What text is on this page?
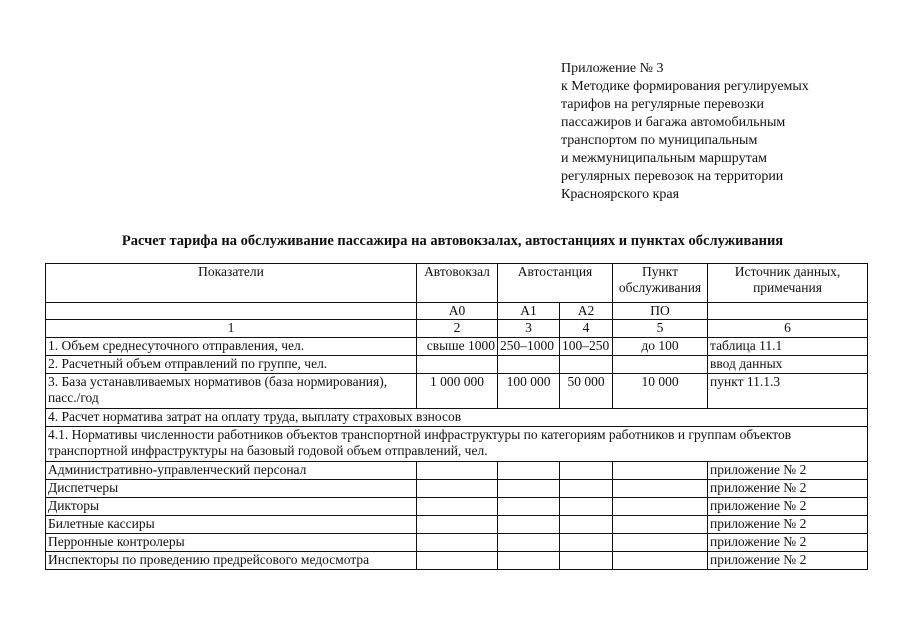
Приложение № 3
к Методике формирования регулируемых
тарифов на регулярные перевозки
пассажиров и багажа автомобильным
транспортом по муниципальным
и межмуниципальным маршрутам
регулярных перевозок на территории
Красноярского края
Расчет тарифа на обслуживание пассажира на автовокзалах, автостанциях и пунктах обслуживания
Показатели	Автовокзал	Автостанция		Пункт обслуживания	Источник данных, примечания
	А0	А1	А2	ПО	
1	2	3	4	5	6
1. Объем среднесуточного отправления, чел.	свыше 1000	250–1000	100–250	до 100	таблица 11.1
2. Расчетный объем отправлений по группе, чел.					ввод данных
3. База устанавливаемых нормативов (база нормирования), пасс./год	1 000 000	100 000	50 000	10 000	пункт 11.1.3
4. Расчет норматива затрат на оплату труда, выплату страховых взносов					
4.1. Нормативы численности работников объектов транспортной инфраструктуры по категориям работников и группам объектов транспортной инфраструктуры на базовый годовой объем отправлений, чел.					
Административно-управленческий персонал					приложение № 2
Диспетчеры					приложение № 2
Дикторы					приложение № 2
Билетные кассиры					приложение № 2
Перронные контролеры					приложение № 2
Инспекторы по проведению предрейсового медосмотра					приложение № 2
